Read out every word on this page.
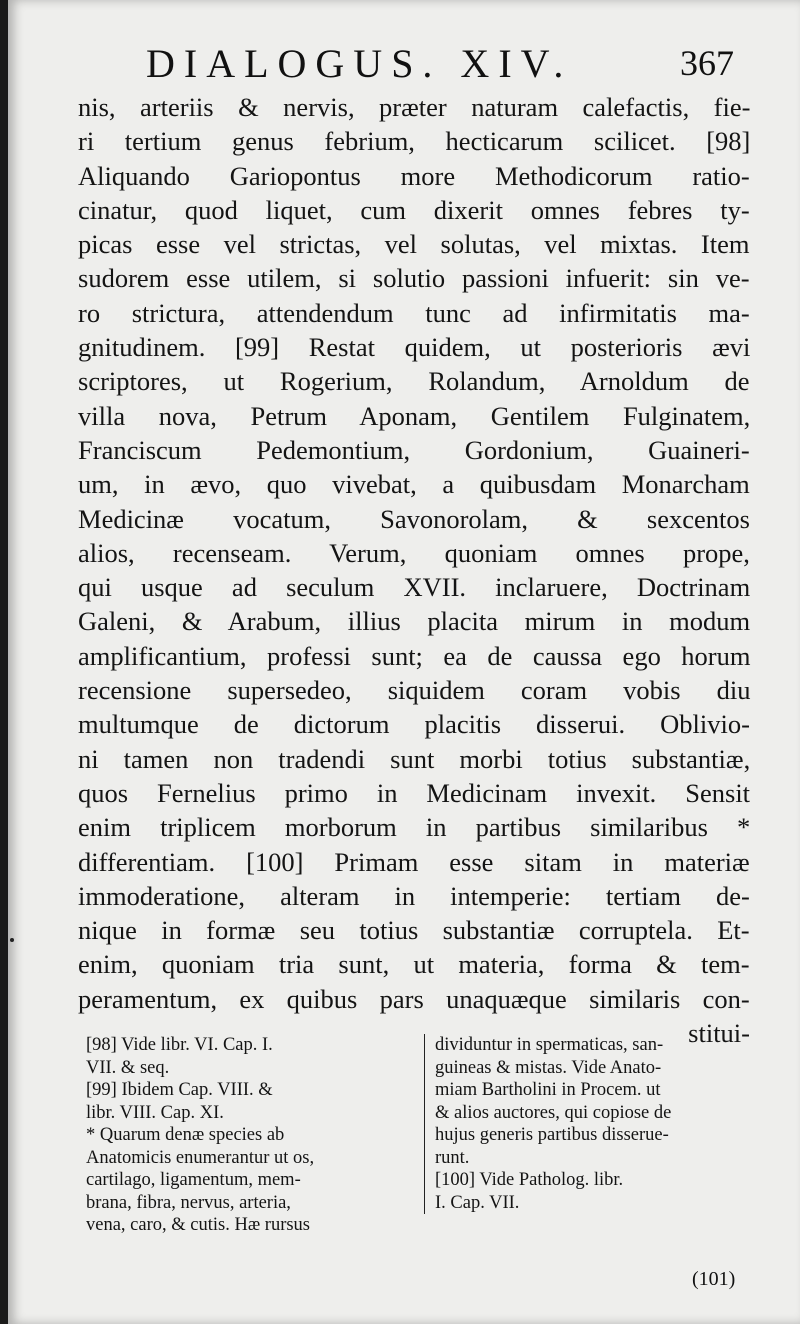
DIALOGUS. XIV.	367
nis, arteriis & nervis, præter naturam calefactis, fie-
ri tertium genus febrium, hecticarum scilicet. [98]
Aliquando Gariopontus more Methodicorum ratio-
cinatur, quod liquet, cum dixerit omnes febres ty-
picas esse vel strictas, vel solutas, vel mixtas. Item
sudorem esse utilem, si solutio passioni infuerit: sin ve-
ro strictura, attendendum tunc ad infirmitatis ma-
gnitudinem. [99] Restat quidem, ut posterioris ævi
scriptores, ut Rogerium, Rolandum, Arnoldum de
villa nova, Petrum Aponam, Gentilem Fulginatem,
Franciscum Pedemontium, Gordonium, Guaineri-
um, in ævo, quo vivebat, a quibusdam Monarcham
Medicinæ vocatum, Savonorolam, & sexcentos
alios, recenseam. Verum, quoniam omnes prope,
qui usque ad seculum XVII. inclaruere, Doctrinam
Galeni, & Arabum, illius placita mirum in modum
amplificantium, professi sunt; ea de caussa ego horum
recensione supersedeo, siquidem coram vobis diu
multumque de dictorum placitis disserui. Oblivio-
ni tamen non tradendi sunt morbi totius substantiæ,
quos Fernelius primo in Medicinam invexit. Sensit
enim triplicem morborum in partibus similaribus *
differentiam. [100] Primam esse sitam in materiæ
immoderatione, alteram in intemperie: tertiam de-
nique in formæ seu totius substantiæ corruptela. Et-
enim, quoniam tria sunt, ut materia, forma & tem-
peramentum, ex quibus pars unaquæque similaris con-
stitui-
[98] Vide libr. VI. Cap. I.
VII. & seq.
[99] Ibidem Cap. VIII. &
libr. VIII. Cap. XI.
* Quarum denæ species ab
Anatomicis enumerantur ut os,
cartilago, ligamentum, mem-
brana, fibra, nervus, arteria,
vena, caro, & cutis. Hæ rursus
dividuntur in spermaticas, san-
guineas & mistas. Vide Anato-
miam Bartholini in Procem. ut
& alios auctores, qui copiose de
hujus generis partibus disserue-
runt.
[100] Vide Patholog. libr.
I. Cap. VII.
(101)
